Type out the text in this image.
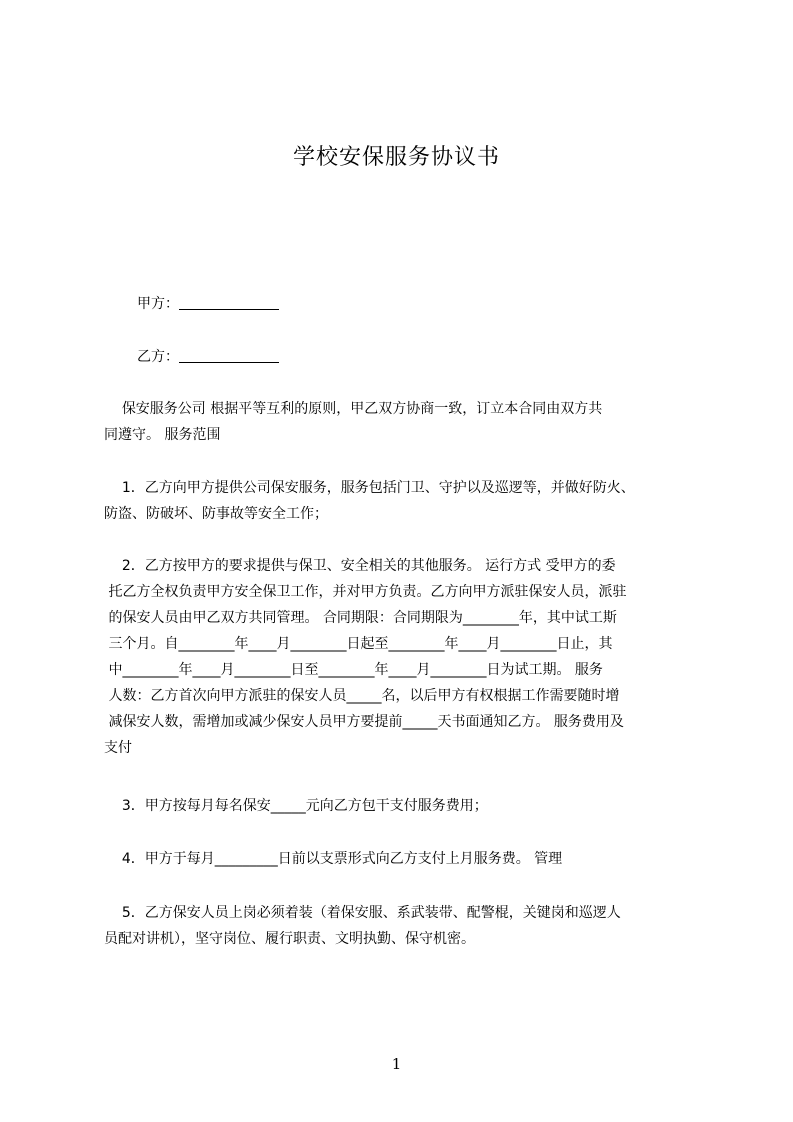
学校安保服务协议书
甲方：
乙方：
保安服务公司 根据平等互利的原则，甲乙双方协商一致，订立本合同由双方共
同遵守。 服务范围
1．乙方向甲方提供公司保安服务，服务包括门卫、守护以及巡逻等，并做好防火、
防盗、防破坏、防事故等安全工作；
2．乙方按甲方的要求提供与保卫、安全相关的其他服务。 运行方式 受甲方的委
托乙方全权负责甲方安全保卫工作，并对甲方负责。乙方向甲方派驻保安人员，派驻
的保安人员由甲乙双方共同管理。 合同期限：合同期限为________年，其中试工斯
三个月。自________年____月________日起至________年____月________日止，其
中________年____月________日至________年____月________日为试工期。 服务
人数：乙方首次向甲方派驻的保安人员_____名，以后甲方有权根据工作需要随时增
减保安人数，需增加或减少保安人员甲方要提前_____天书面通知乙方。 服务费用及
支付
3．甲方按每月每名保安_____元向乙方包干支付服务费用；
4．甲方于每月_________日前以支票形式向乙方支付上月服务费。 管理
5．乙方保安人员上岗必须着装（着保安服、系武装带、配警棍，关键岗和巡逻人
员配对讲机），坚守岗位、履行职责、文明执勤、保守机密。
1
